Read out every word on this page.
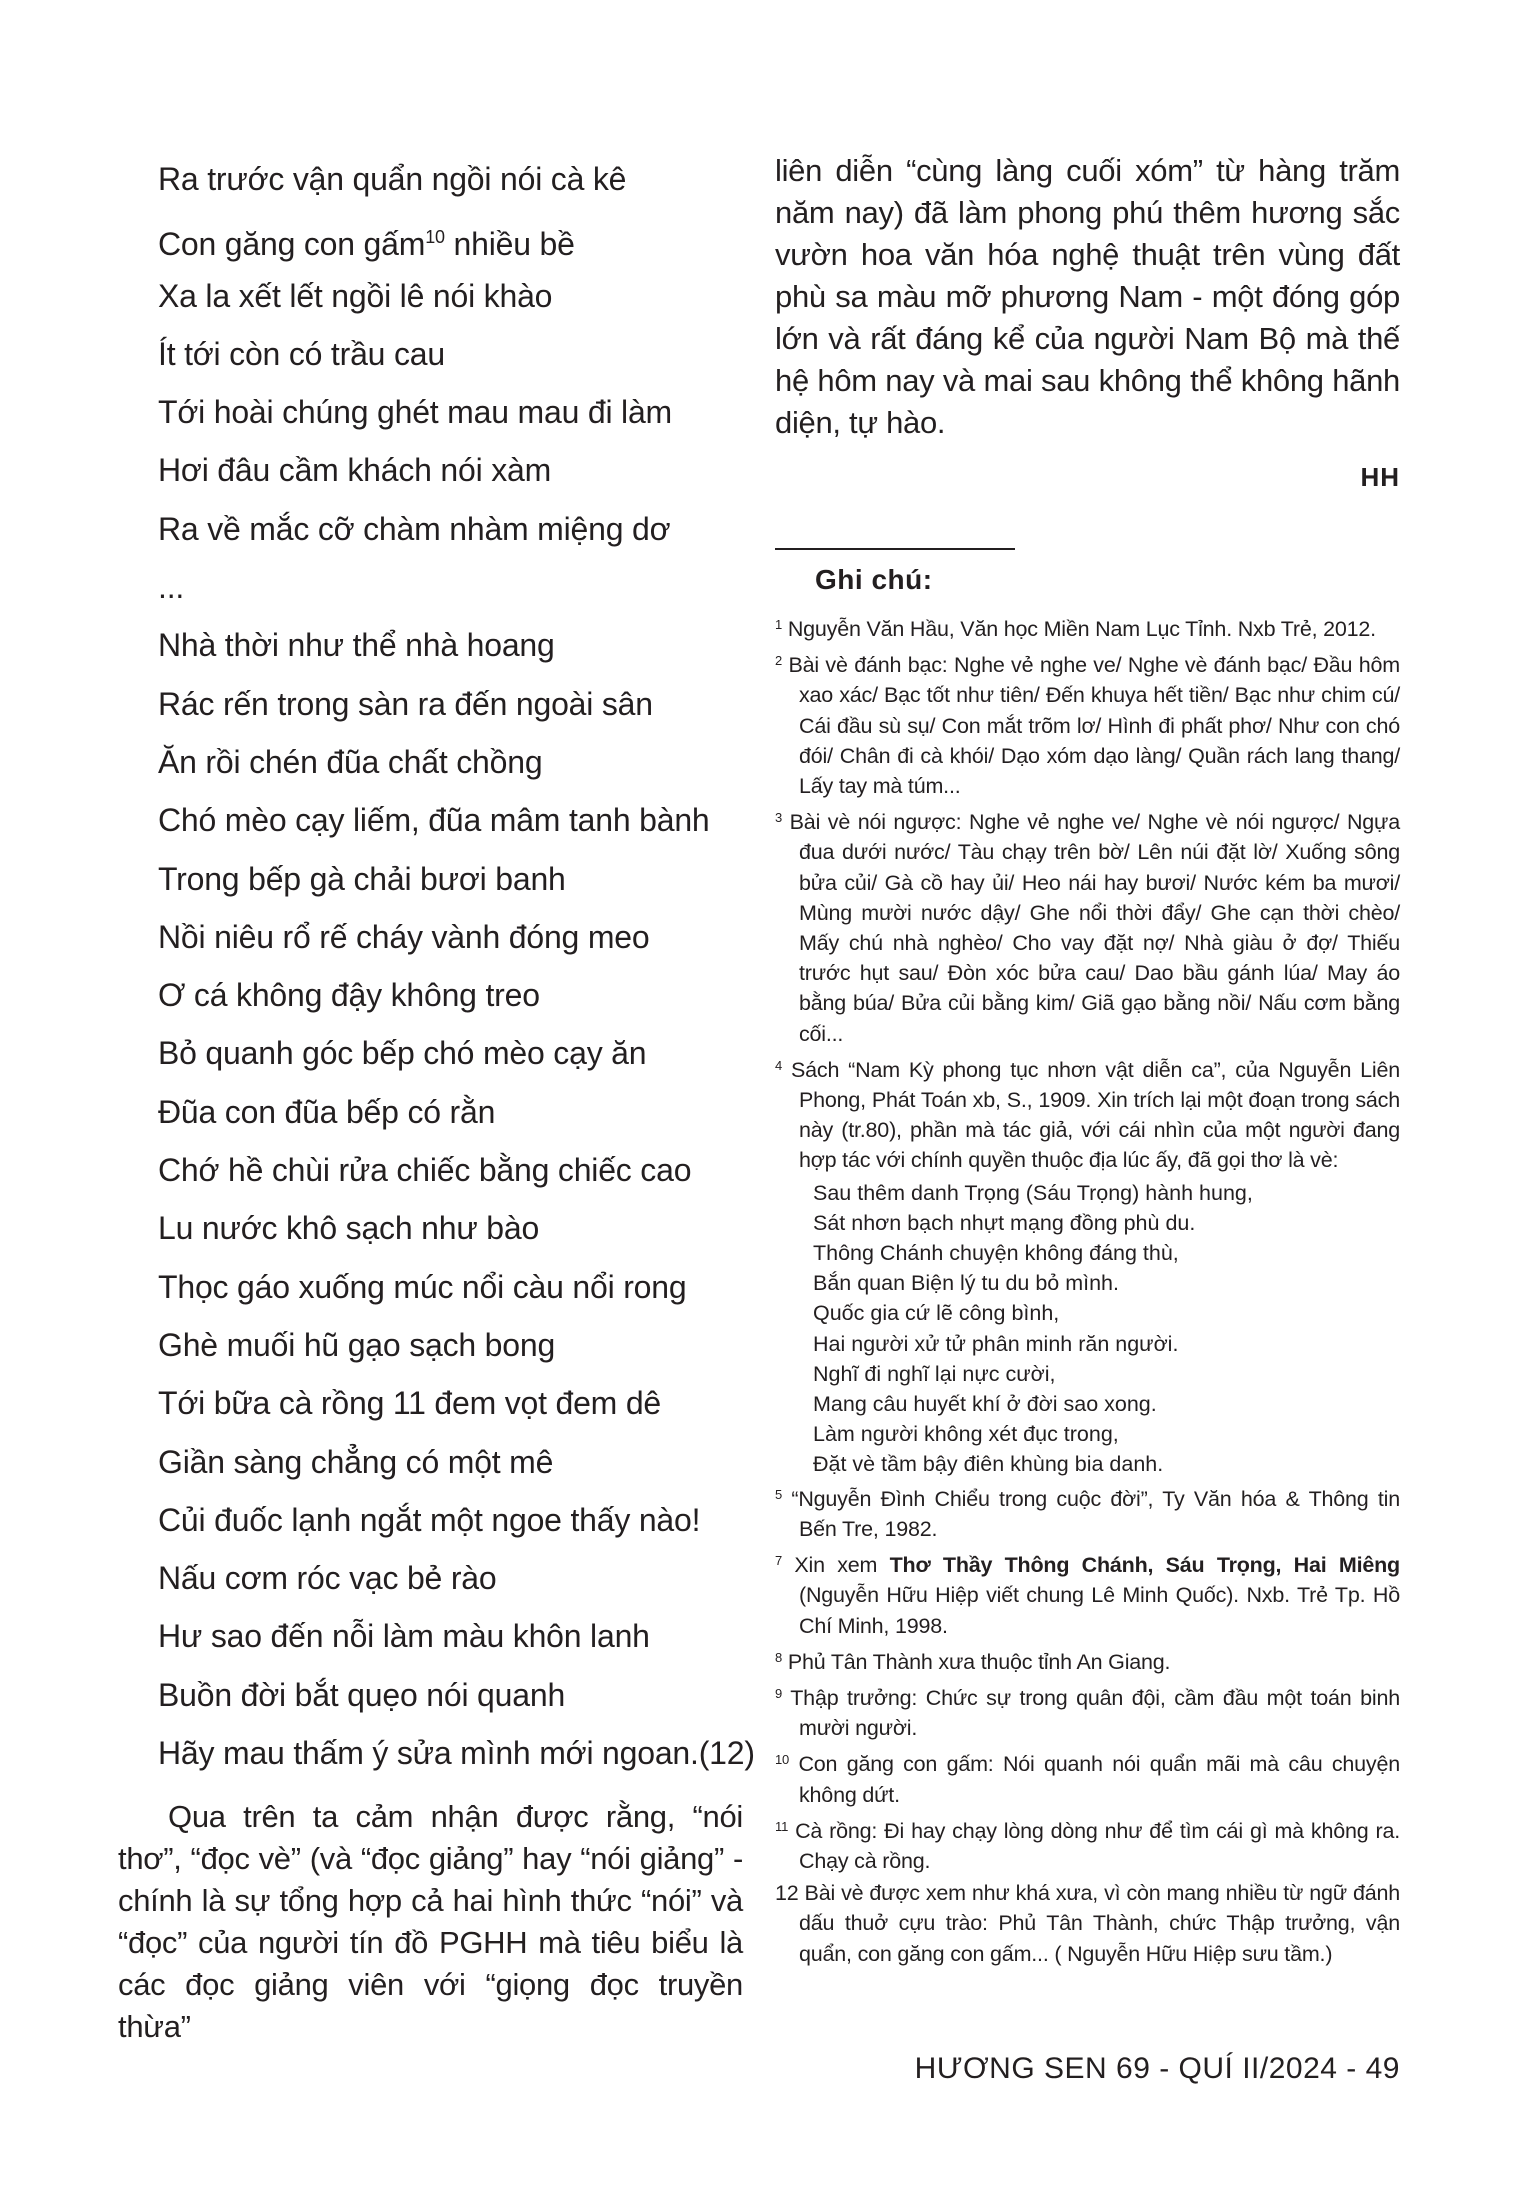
Ra trước vận quẩn ngồi nói cà kê
Con găng con gấm$^{10}$ nhiều bề
Xa la xết lết ngồi lê nói khào
Ít tới còn có trầu cau
Tới hoài chúng ghét mau mau đi làm
Hơi đâu cầm khách nói xàm
Ra về mắc cỡ chàm nhàm miệng dơ
...
Nhà thời như thể nhà hoang
Rác rến trong sàn ra đến ngoài sân
Ăn rồi chén đũa chất chồng
Chó mèo cạy liếm, đũa mâm tanh bành
Trong bếp gà chải bươi banh
Nồi niêu rổ rế cháy vành đóng meo
Ơ cá không đậy không treo
Bỏ quanh góc bếp chó mèo cạy ăn
Đũa con đũa bếp có rằn
Chớ hề chùi rửa chiếc bằng chiếc cao
Lu nước khô sạch như bào
Thọc gáo xuống múc nổi càu nổi rong
Ghè muối hũ gạo sạch bong
Tới bữa cà rồng 11 đem vọt đem dê
Giần sàng chẳng có một mê
Củi đuốc lạnh ngắt một ngoe thấy nào!
Nấu cơm róc vạc bẻ rào
Hư sao đến nỗi làm màu khôn lanh
Buồn đời bắt quẹo nói quanh
Hãy mau thấm ý sửa mình mới ngoan.(12)

Qua trên ta cảm nhận được rằng, “nói thơ”, “đọc vè” (và “đọc giảng” hay “nói giảng” - chính là sự tổng hợp cả hai hình thức “nói” và “đọc” của người tín đồ PGHH mà tiêu biểu là các đọc giảng viên với “giọng đọc truyền thừa”

liên diễn “cùng làng cuối xóm” từ hàng trăm năm nay) đã làm phong phú thêm hương sắc vườn hoa văn hóa nghệ thuật trên vùng đất phù sa màu mỡ phương Nam - một đóng góp lớn và rất đáng kể của người Nam Bộ mà thế hệ hôm nay và mai sau không thể không hãnh diện, tự hào.

HH
Ghi chú:
$^1$ Nguyễn Văn Hầu, Văn học Miền Nam Lục Tỉnh. Nxb Trẻ, 2012.
$^2$ Bài vè đánh bạc: Nghe vẻ nghe ve/ Nghe vè đánh bạc/ Đầu hôm xao xác/ Bạc tốt như tiên/ Đến khuya hết tiền/ Bạc như chim cú/ Cái đầu sù sụ/ Con mắt trõm lơ/ Hình đi phất phơ/ Như con chó đói/ Chân đi cà khói/ Dạo xóm dạo làng/ Quần rách lang thang/ Lấy tay mà túm...
$^3$ Bài vè nói ngược: Nghe vẻ nghe ve/ Nghe vè nói ngược/ Ngựa đua dưới nước/ Tàu chạy trên bờ/ Lên núi đặt lờ/ Xuống sông bửa củi/ Gà cồ hay ủi/ Heo nái hay bươi/ Nước kém ba mươi/ Mùng mười nước dậy/ Ghe nổi thời đẩy/ Ghe cạn thời chèo/ Mấy chú nhà nghèo/ Cho vay đặt nợ/ Nhà giàu ở đợ/ Thiếu trước hụt sau/ Đòn xóc bửa cau/ Dao bầu gánh lúa/ May áo bằng búa/ Bửa củi bằng kim/ Giã gạo bằng nồi/ Nấu cơm bằng cối...
$^4$ Sách “Nam Kỳ phong tục nhơn vật diễn ca”, của Nguyễn Liên Phong, Phát Toán xb, S., 1909. Xin trích lại một đoạn trong sách này (tr.80), phần mà tác giả, với cái nhìn của một người đang hợp tác với chính quyền thuộc địa lúc ấy, đã gọi thơ là vè:
Sau thêm danh Trọng (Sáu Trọng) hành hung,
Sát nhơn bạch nhựt mạng đồng phù du.
Thông Chánh chuyện không đáng thù,
Bắn quan Biện lý tu du bỏ mình.
Quốc gia cứ lẽ công bình,
Hai người xử tử phân minh răn người.
Nghĩ đi nghĩ lại nực cười,
Mang câu huyết khí ở đời sao xong.
Làm người không xét đục trong,
Đặt vè tầm bậy điên khùng bia danh.
$^5$ “Nguyễn Đình Chiểu trong cuộc đời”, Ty Văn hóa & Thông tin Bến Tre, 1982.
$^7$ Xin xem Thơ Thầy Thông Chánh, Sáu Trọng, Hai Miêng (Nguyễn Hữu Hiệp viết chung Lê Minh Quốc). Nxb. Trẻ Tp. Hồ Chí Minh, 1998.
$^8$ Phủ Tân Thành xưa thuộc tỉnh An Giang.
$^9$ Thập trưởng: Chức sự trong quân đội, cầm đầu một toán binh mười người.
$^{10}$ Con găng con gấm: Nói quanh nói quẩn mãi mà câu chuyện không dứt.
$^{11}$ Cà rồng: Đi hay chạy lòng dòng như để tìm cái gì mà không ra. Chạy cà rồng.
12 Bài vè được xem như khá xưa, vì còn mang nhiều từ ngữ đánh dấu thuở cựu trào: Phủ Tân Thành, chức Thập trưởng, vận quẩn, con găng con gấm... ( Nguyễn Hữu Hiệp sưu tầm.)
HƯƠNG SEN 69 - QUÍ II/2024 - 49
